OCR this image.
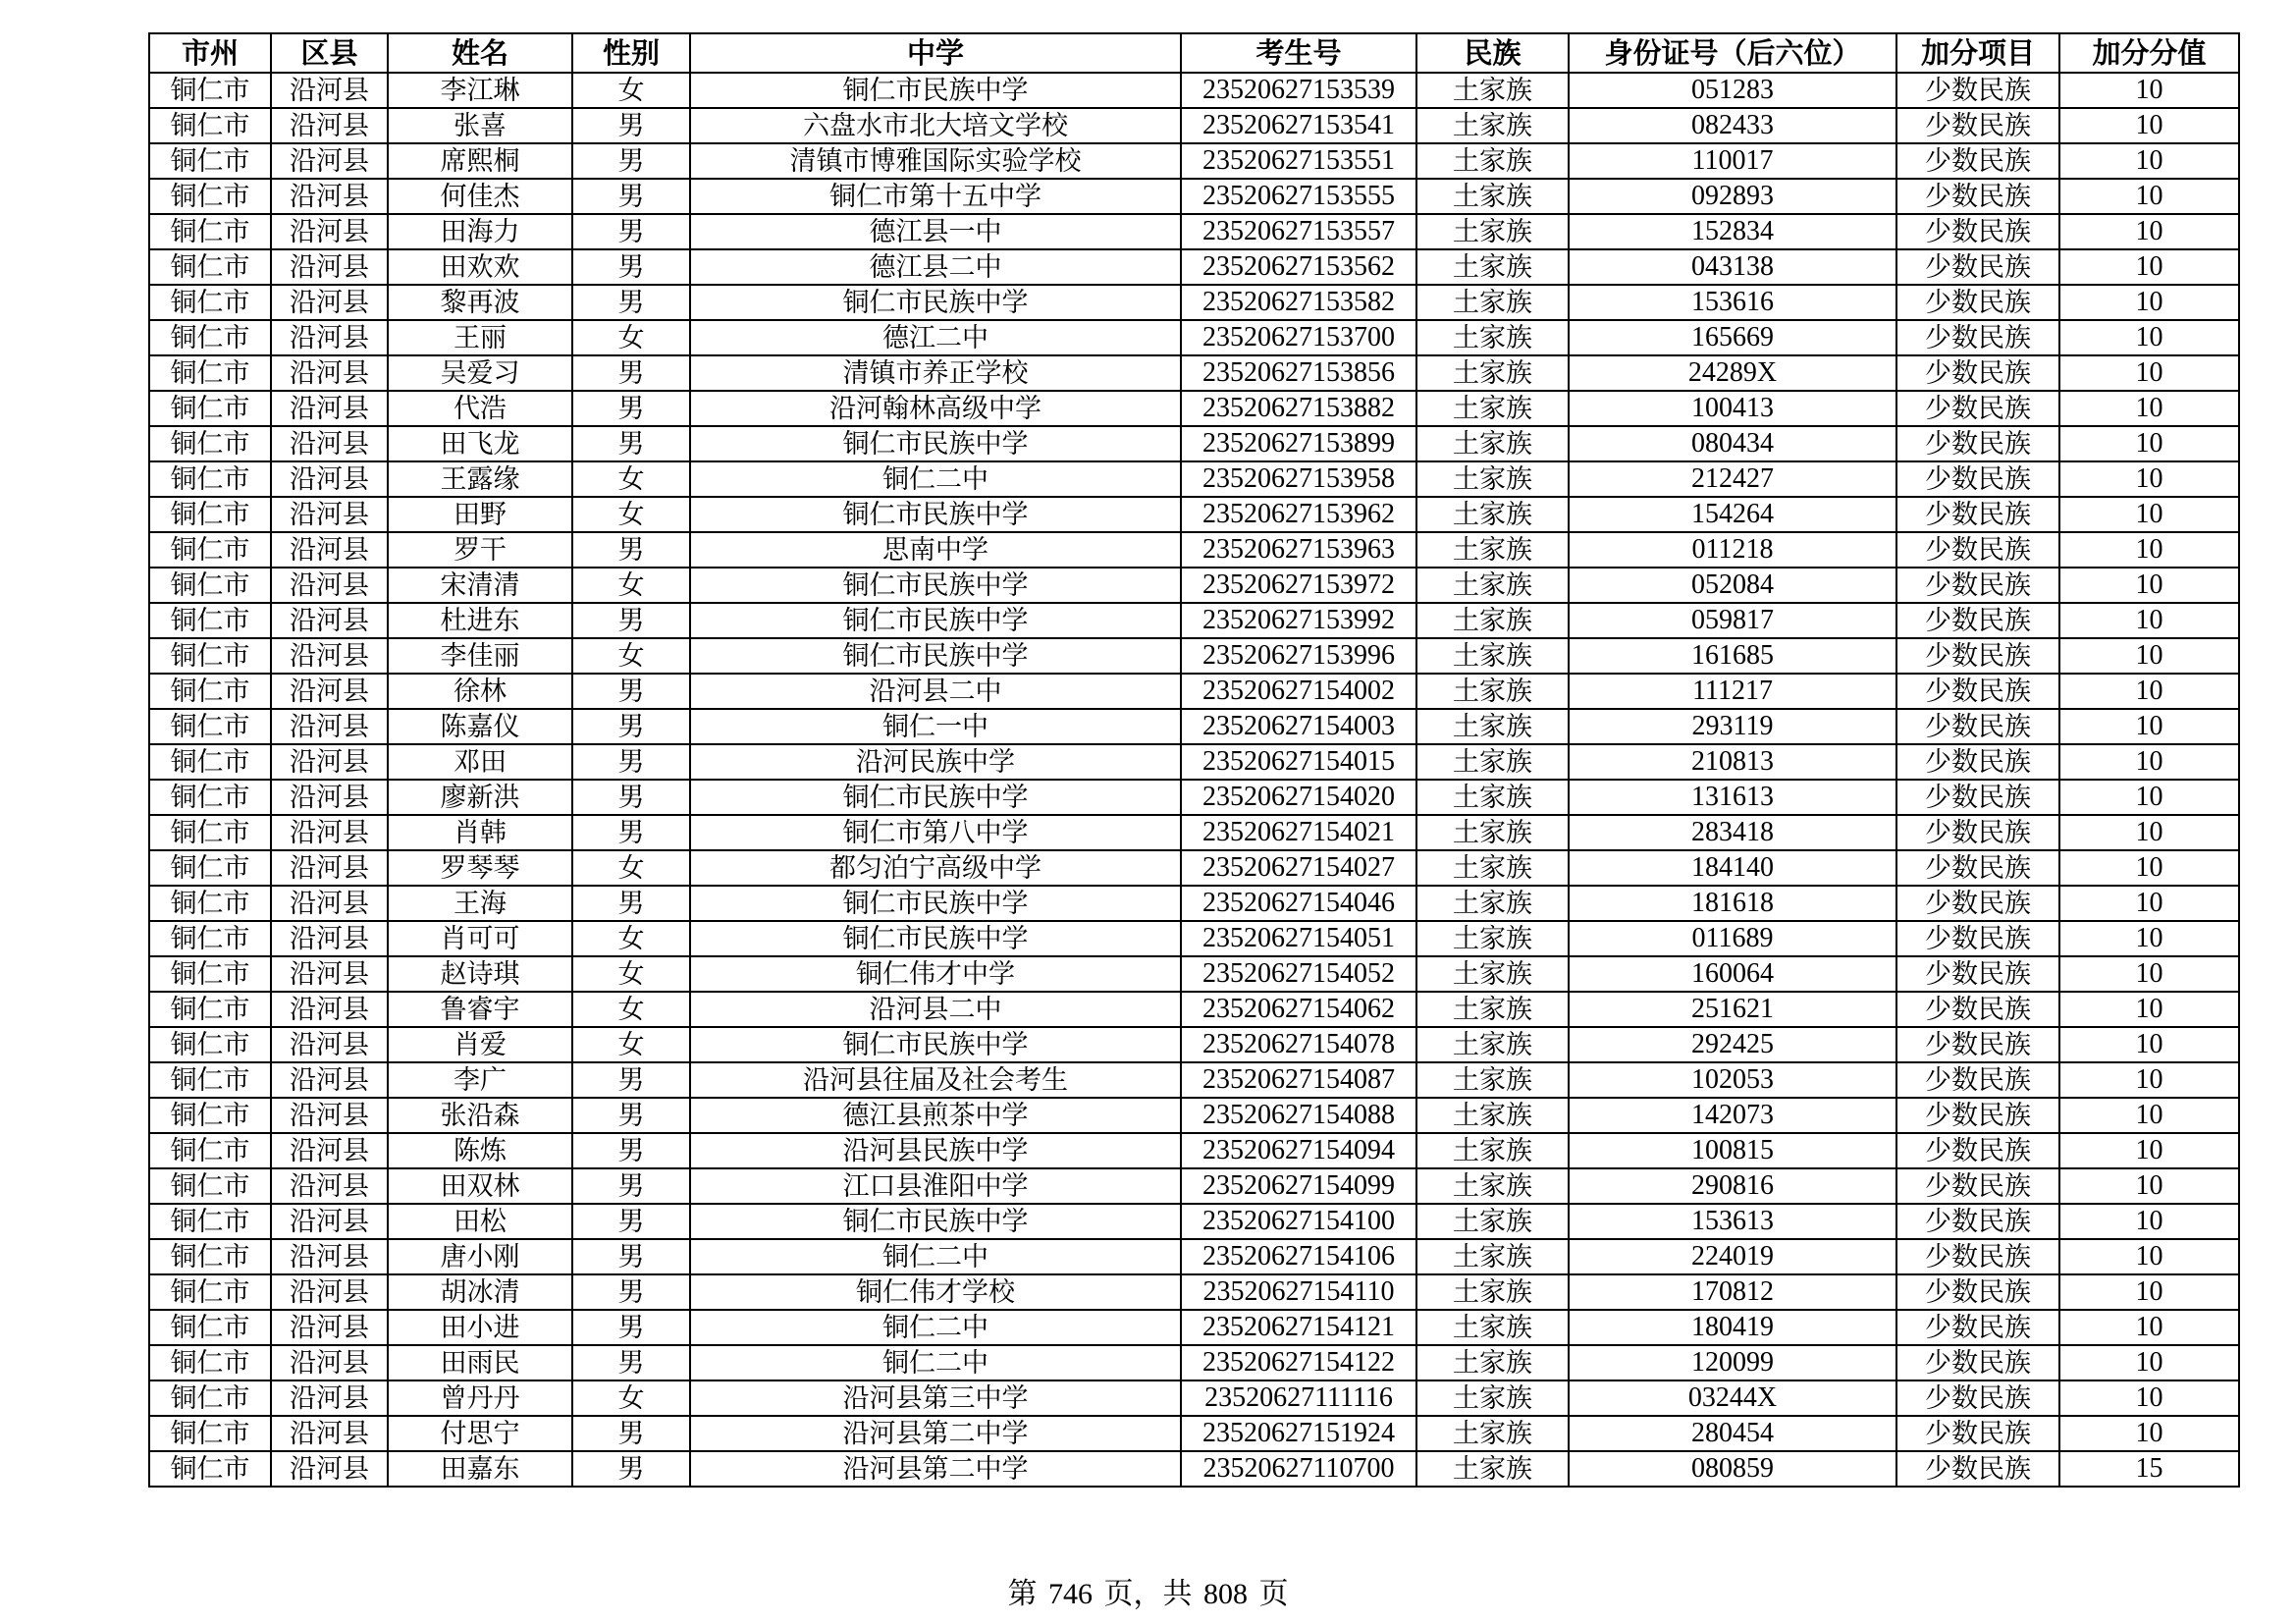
市州	区县	姓名	性别	中学	考生号	民族	身份证号（后六位）	加分项目	加分分值
铜仁市	沿河县	李江琳	女	铜仁市民族中学	23520627153539	土家族	051283	少数民族	10
铜仁市	沿河县	张喜	男	六盘水市北大培文学校	23520627153541	土家族	082433	少数民族	10
铜仁市	沿河县	席熙桐	男	清镇市博雅国际实验学校	23520627153551	土家族	110017	少数民族	10
铜仁市	沿河县	何佳杰	男	铜仁市第十五中学	23520627153555	土家族	092893	少数民族	10
铜仁市	沿河县	田海力	男	德江县一中	23520627153557	土家族	152834	少数民族	10
铜仁市	沿河县	田欢欢	男	德江县二中	23520627153562	土家族	043138	少数民族	10
铜仁市	沿河县	黎再波	男	铜仁市民族中学	23520627153582	土家族	153616	少数民族	10
铜仁市	沿河县	王丽	女	德江二中	23520627153700	土家族	165669	少数民族	10
铜仁市	沿河县	吴爱习	男	清镇市养正学校	23520627153856	土家族	24289X	少数民族	10
铜仁市	沿河县	代浩	男	沿河翰林高级中学	23520627153882	土家族	100413	少数民族	10
铜仁市	沿河县	田飞龙	男	铜仁市民族中学	23520627153899	土家族	080434	少数民族	10
铜仁市	沿河县	王露缘	女	铜仁二中	23520627153958	土家族	212427	少数民族	10
铜仁市	沿河县	田野	女	铜仁市民族中学	23520627153962	土家族	154264	少数民族	10
铜仁市	沿河县	罗干	男	思南中学	23520627153963	土家族	011218	少数民族	10
铜仁市	沿河县	宋清清	女	铜仁市民族中学	23520627153972	土家族	052084	少数民族	10
铜仁市	沿河县	杜进东	男	铜仁市民族中学	23520627153992	土家族	059817	少数民族	10
铜仁市	沿河县	李佳丽	女	铜仁市民族中学	23520627153996	土家族	161685	少数民族	10
铜仁市	沿河县	徐林	男	沿河县二中	23520627154002	土家族	111217	少数民族	10
铜仁市	沿河县	陈嘉仪	男	铜仁一中	23520627154003	土家族	293119	少数民族	10
铜仁市	沿河县	邓田	男	沿河民族中学	23520627154015	土家族	210813	少数民族	10
铜仁市	沿河县	廖新洪	男	铜仁市民族中学	23520627154020	土家族	131613	少数民族	10
铜仁市	沿河县	肖韩	男	铜仁市第八中学	23520627154021	土家族	283418	少数民族	10
铜仁市	沿河县	罗琴琴	女	都匀泊宁高级中学	23520627154027	土家族	184140	少数民族	10
铜仁市	沿河县	王海	男	铜仁市民族中学	23520627154046	土家族	181618	少数民族	10
铜仁市	沿河县	肖可可	女	铜仁市民族中学	23520627154051	土家族	011689	少数民族	10
铜仁市	沿河县	赵诗琪	女	铜仁伟才中学	23520627154052	土家族	160064	少数民族	10
铜仁市	沿河县	鲁睿宇	女	沿河县二中	23520627154062	土家族	251621	少数民族	10
铜仁市	沿河县	肖爱	女	铜仁市民族中学	23520627154078	土家族	292425	少数民族	10
铜仁市	沿河县	李广	男	沿河县往届及社会考生	23520627154087	土家族	102053	少数民族	10
铜仁市	沿河县	张沿森	男	德江县煎茶中学	23520627154088	土家族	142073	少数民族	10
铜仁市	沿河县	陈炼	男	沿河县民族中学	23520627154094	土家族	100815	少数民族	10
铜仁市	沿河县	田双林	男	江口县淮阳中学	23520627154099	土家族	290816	少数民族	10
铜仁市	沿河县	田松	男	铜仁市民族中学	23520627154100	土家族	153613	少数民族	10
铜仁市	沿河县	唐小刚	男	铜仁二中	23520627154106	土家族	224019	少数民族	10
铜仁市	沿河县	胡冰清	男	铜仁伟才学校	23520627154110	土家族	170812	少数民族	10
铜仁市	沿河县	田小进	男	铜仁二中	23520627154121	土家族	180419	少数民族	10
铜仁市	沿河县	田雨民	男	铜仁二中	23520627154122	土家族	120099	少数民族	10
铜仁市	沿河县	曾丹丹	女	沿河县第三中学	23520627111116	土家族	03244X	少数民族	10
铜仁市	沿河县	付思宁	男	沿河县第二中学	23520627151924	土家族	280454	少数民族	10
铜仁市	沿河县	田嘉东	男	沿河县第二中学	23520627110700	土家族	080859	少数民族	15
第 746 页，共 808 页
